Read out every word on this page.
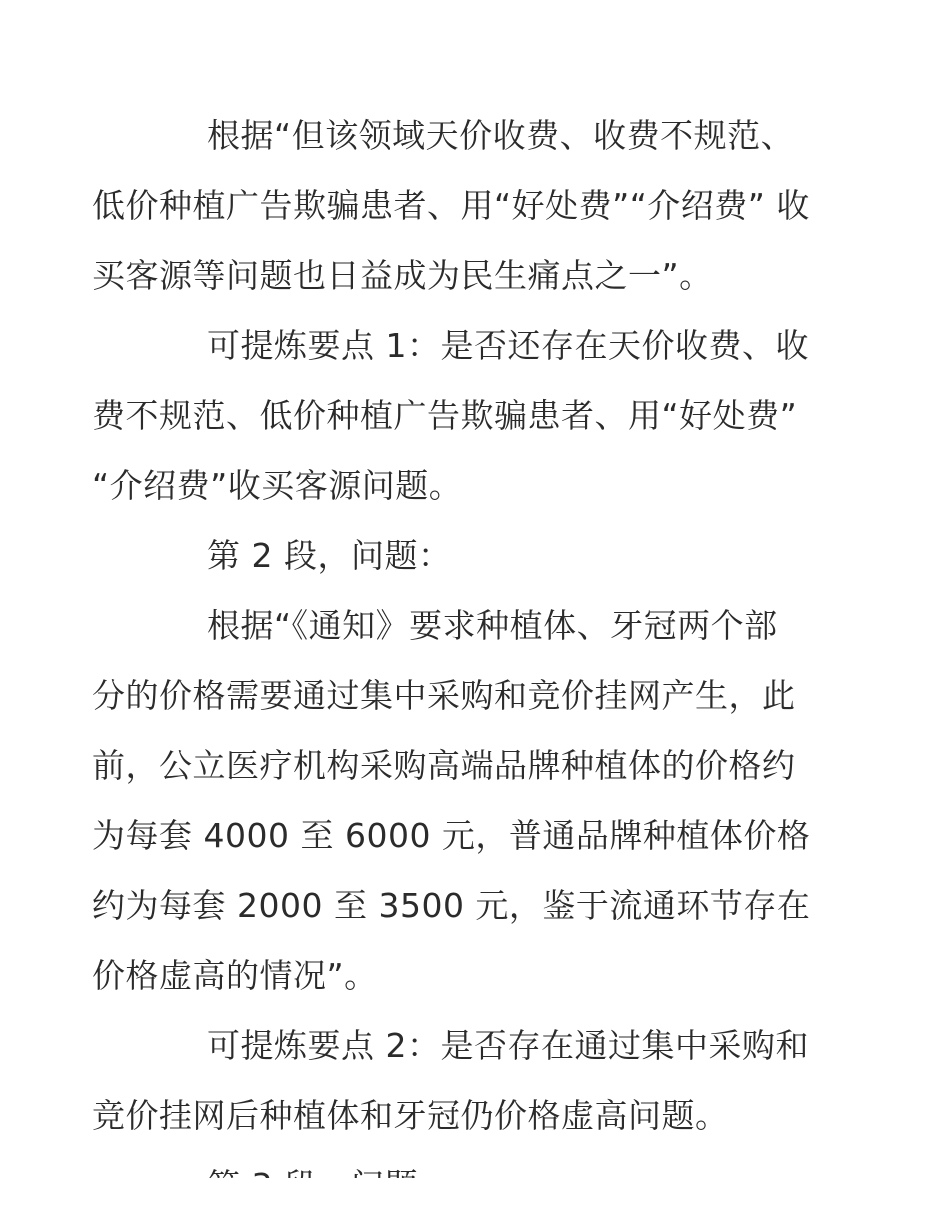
根据“但该领域天价收费、收费不规范、
低价种植广告欺骗患者、用“好处费”“介绍费” 收
买客源等问题也日益成为民生痛点之一”。
可提炼要点 1：是否还存在天价收费、收
费不规范、低价种植广告欺骗患者、用“好处费”
“介绍费”收买客源问题。
第 2 段，问题：
根据“《通知》要求种植体、牙冠两个部
分的价格需要通过集中采购和竞价挂网产生，此
前，公立医疗机构采购高端品牌种植体的价格约
为每套 4000 至 6000 元，普通品牌种植体价格
约为每套 2000 至 3500 元，鉴于流通环节存在
价格虚高的情况”。
可提炼要点 2：是否存在通过集中采购和
竞价挂网后种植体和牙冠仍价格虚高问题。
